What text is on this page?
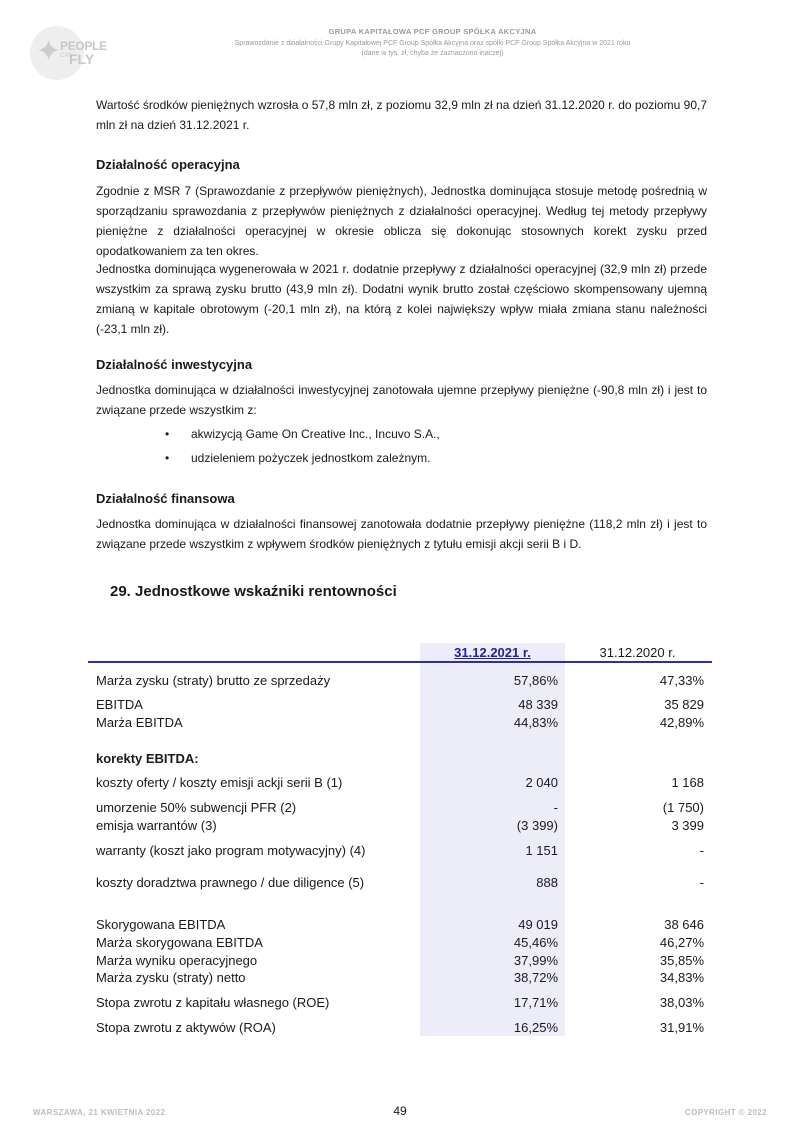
✦
PEOPLE
CAN
FLY
GRUPA KAPITAŁOWA PCF GROUP SPÓŁKA AKCYJNA
Sprawozdanie z działalności Grupy Kapitałowej PCF Group Spółka Akcyjna oraz spółki PCF Group Spółka Akcyjna w 2021 roku
(dane w tys. zł, chyba że zaznaczono inaczej)

Wartość środków pieniężnych wzrosła o 57,8 mln zł, z poziomu 32,9 mln zł na dzień 31.12.2020 r. do poziomu 90,7 mln zł na dzień 31.12.2021 r.

Działalność operacyjna

Zgodnie z MSR 7 (Sprawozdanie z przepływów pieniężnych), Jednostka dominująca stosuje metodę pośrednią w sporządzaniu sprawozdania z przepływów pieniężnych z działalności operacyjnej. Według tej metody przepływy pieniężne z działalności operacyjnej w okresie oblicza się dokonując stosownych korekt zysku przed opodatkowaniem za ten okres.

Jednostka dominująca wygenerowała w 2021 r. dodatnie przepływy z działalności operacyjnej (32,9 mln zł) przede wszystkim za sprawą zysku brutto (43,9 mln zł). Dodatni wynik brutto został częściowo skompensowany ujemną zmianą w kapitale obrotowym (-20,1 mln zł), na którą z kolei największy wpływ miała zmiana stanu należności (-23,1 mln zł).

Działalność inwestycyjna

Jednostka dominująca w działalności inwestycyjnej zanotowała ujemne przepływy pieniężne (-90,8 mln zł) i jest to związane przede wszystkim z:

• akwizycją Game On Creative Inc., Incuvo S.A.,
• udzieleniem pożyczek jednostkom zależnym.
Działalność finansowa

Jednostka dominująca w działalności finansowej zanotowała dodatnie przepływy pieniężne (118,2 mln zł) i jest to związane przede wszystkim z wpływem środków pieniężnych z tytułu emisji akcji serii B i D.

29. Jednostkowe wskaźniki rentowności
31.12.2021 r.	31.12.2020 r.
Marża zysku (straty) brutto ze sprzedaży	57,86%	47,33%
EBITDA	48 339	35 829
Marża EBITDA	44,83%	42,89%
korekty EBITDA:
koszty oferty / koszty emisji ackji serii B (1)	2 040	1 168
umorzenie 50% subwencji PFR (2)	-	(1 750)
emisja warrantów (3)	(3 399)	3 399
warranty (koszt jako program motywacyjny) (4)	1 151	-
koszty doradztwa prawnego / due diligence (5)	888	-
Skorygowana EBITDA	49 019	38 646
Marża skorygowana EBITDA	45,46%	46,27%
Marża wyniku operacyjnego	37,99%	35,85%
Marża zysku (straty) netto	38,72%	34,83%
Stopa zwrotu z kapitału własnego (ROE)	17,71%	38,03%
Stopa zwrotu z aktywów (ROA)	16,25%	31,91%
WARSZAWA, 21 KWIETNIA 2022	49	COPYRIGHT © 2022
